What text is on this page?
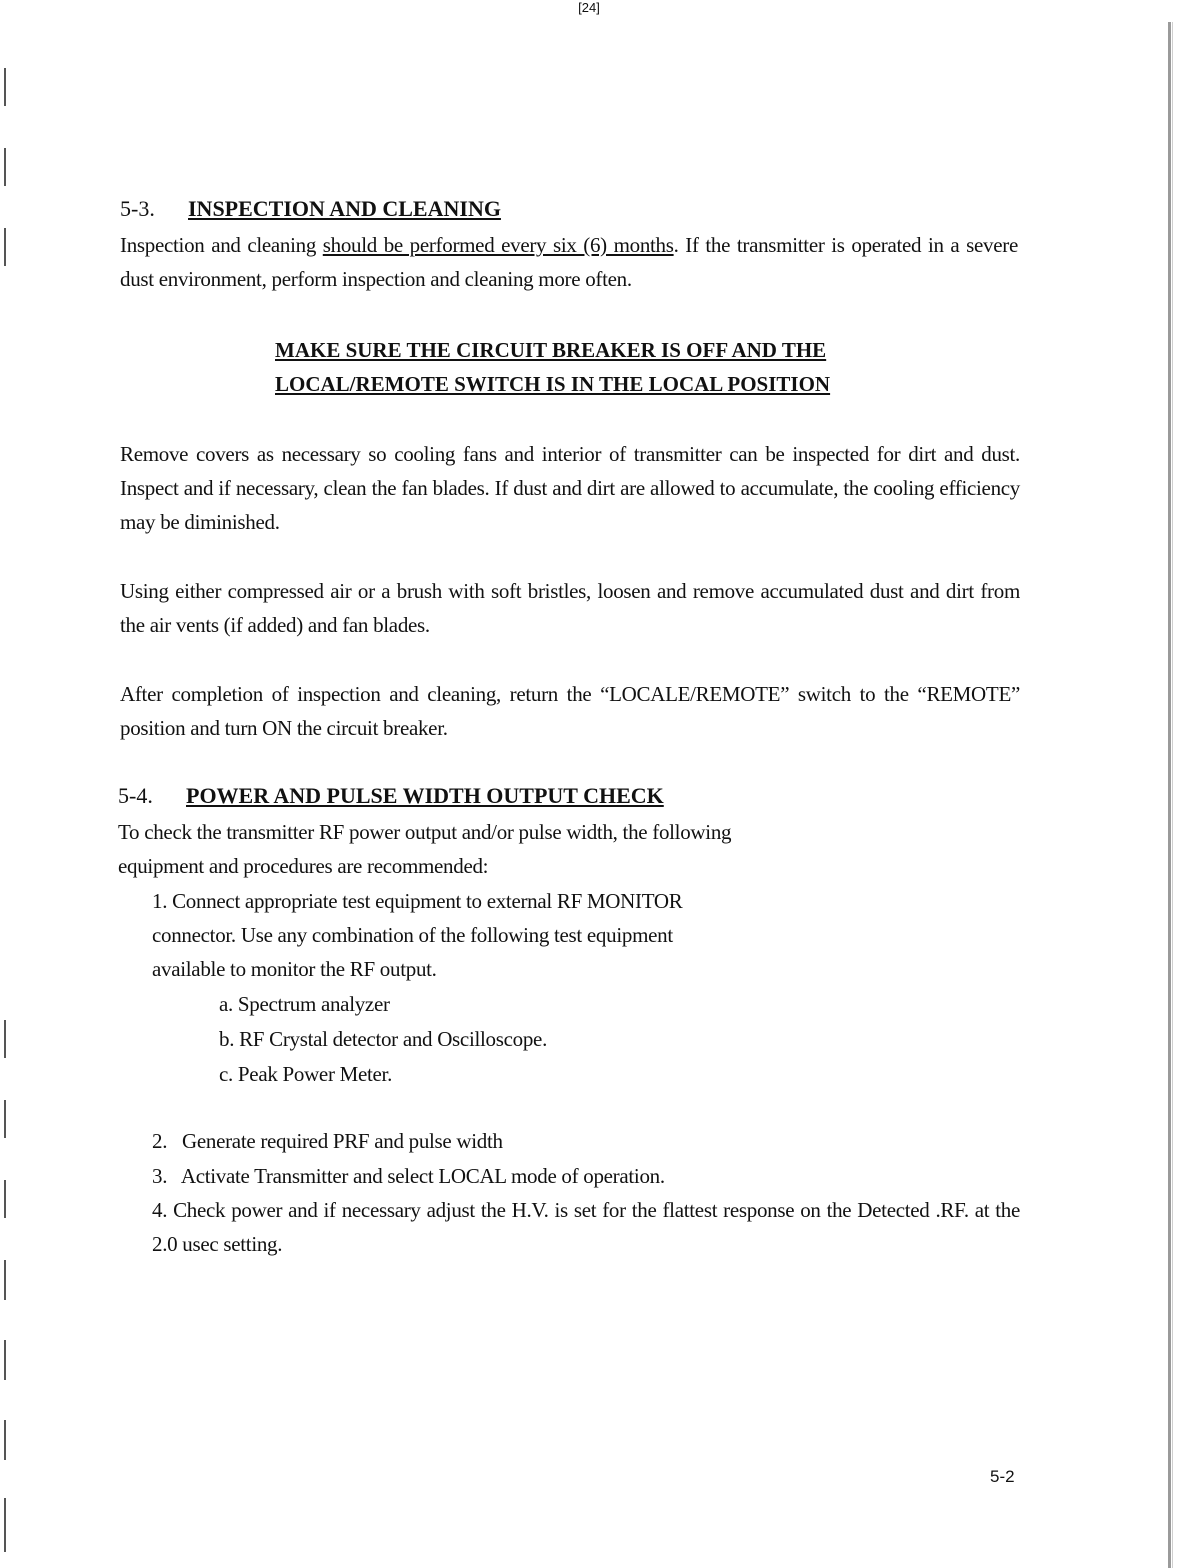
[24]
5-3. INSPECTION AND CLEANING
Inspection and cleaning should be performed every six (6) months. If the transmitter is operated in a severe dust environment, perform inspection and cleaning more often.
MAKE SURE THE CIRCUIT BREAKER IS OFF AND THE
LOCAL/REMOTE SWITCH IS IN THE LOCAL POSITION
Remove covers as necessary so cooling fans and interior of transmitter can be inspected for dirt and dust. Inspect and if necessary, clean the fan blades. If dust and dirt are allowed to accumulate, the cooling efficiency may be diminished.
Using either compressed air or a brush with soft bristles, loosen and remove accumulated dust and dirt from the air vents (if added) and fan blades.
After completion of inspection and cleaning, return the “LOCALE/REMOTE” switch to the “REMOTE” position and turn ON the circuit breaker.
5-4. POWER AND PULSE WIDTH OUTPUT CHECK
To check the transmitter RF power output and/or pulse width, the following
equipment and procedures are recommended:
1. Connect appropriate test equipment to external RF MONITOR
connector. Use any combination of the following test equipment
available to monitor the RF output.
a. Spectrum analyzer
b. RF Crystal detector and Oscilloscope.
c. Peak Power Meter.
2.   Generate required PRF and pulse width
3.   Activate Transmitter and select LOCAL mode of operation.
4. Check power and if necessary adjust the H.V. is set for the flattest response on the Detected .RF. at the 2.0 usec setting.
5-2
